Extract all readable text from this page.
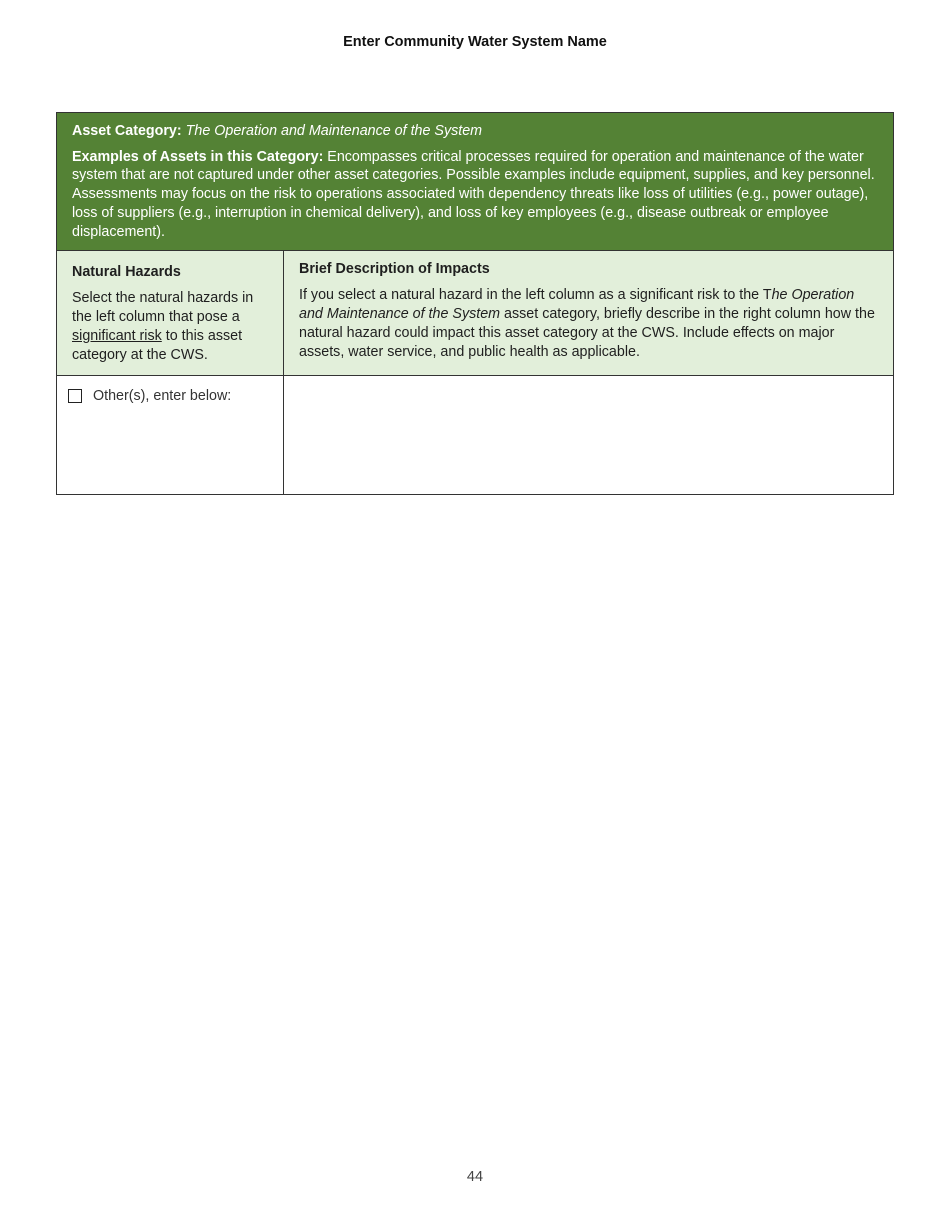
Enter Community Water System Name

Asset Category: The Operation and Maintenance of the System

Examples of Assets in this Category: Encompasses critical processes required for operation and maintenance of the water system that are not captured under other asset categories. Possible examples include equipment, supplies, and key personnel. Assessments may focus on the risk to operations associated with dependency threats like loss of utilities (e.g., power outage), loss of suppliers (e.g., interruption in chemical delivery), and loss of key employees (e.g., disease outbreak or employee displacement).

Natural Hazards

Select the natural hazards in the left column that pose a significant risk to this asset category at the CWS.

Brief Description of Impacts

If you select a natural hazard in the left column as a significant risk to the The Operation and Maintenance of the System asset category, briefly describe in the right column how the natural hazard could impact this asset category at the CWS. Include effects on major assets, water service, and public health as applicable.

Other(s), enter below:
44
